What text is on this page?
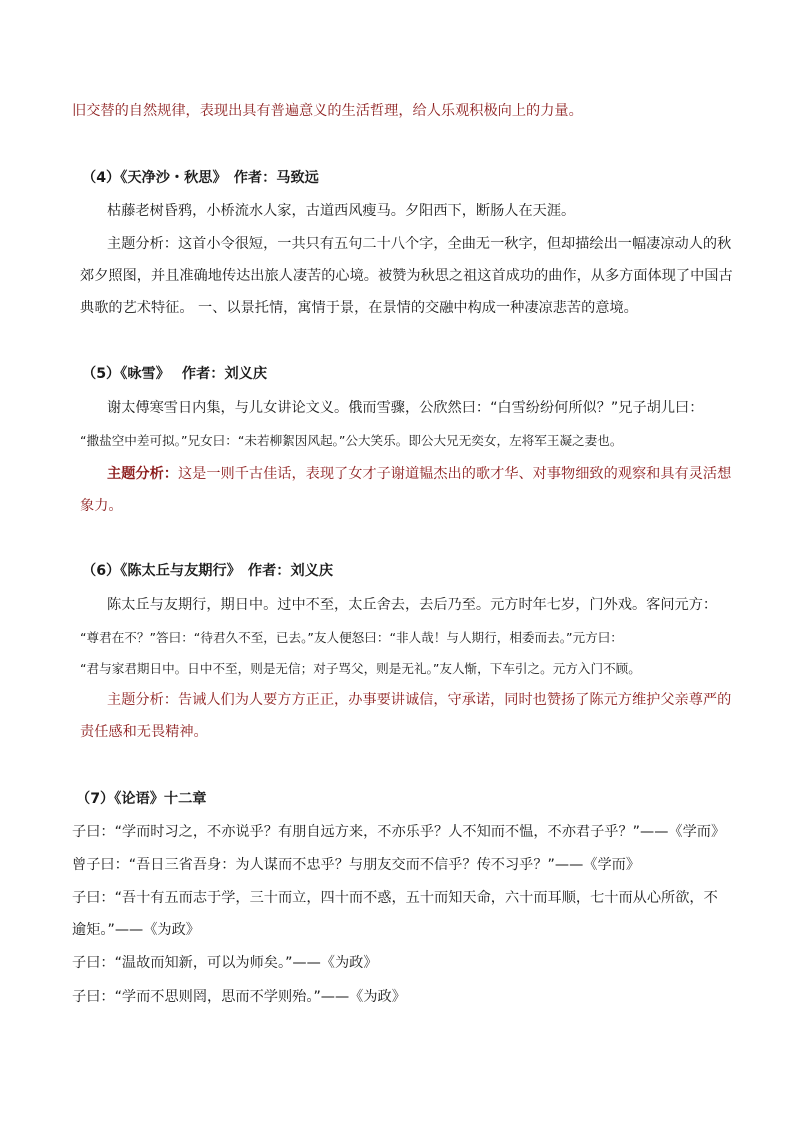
旧交替的自然规律，表现出具有普遍意义的生活哲理，给人乐观积极向上的力量。
（4）《天净沙・秋思》　作者：马致远
枯藤老树昏鸦，小桥流水人家，古道西风瘦马。夕阳西下，断肠人在天涯。
主题分析：这首小令很短，一共只有五句二十八个字，全曲无一秋字，但却描绘出一幅凄凉动人的秋
郊夕照图，并且准确地传达出旅人凄苦的心境。被赞为秋思之祖这首成功的曲作，从多方面体现了中国古
典歌的艺术特征。 一、以景托情，寓情于景，在景情的交融中构成一种凄凉悲苦的意境。
（5）《咏雪》　 作者：刘义庆
谢太傅寒雪日内集，与儿女讲论文义。俄而雪骤，公欣然曰：“白雪纷纷何所似？”兄子胡儿曰：
“撒盐空中差可拟。”兄女曰：“未若柳絮因风起。”公大笑乐。即公大兄无奕女，左将军王凝之妻也。
主题分析：这是一则千古佳话，表现了女才子谢道韫杰出的歌才华、对事物细致的观察和具有灵活想
象力。
（6）《陈太丘与友期行》　作者：刘义庆
陈太丘与友期行，期日中。过中不至，太丘舍去，去后乃至。元方时年七岁，门外戏。客问元方：
“尊君在不？”答曰：“待君久不至，已去。”友人便怒曰：“非人哉！与人期行，相委而去。”元方曰：
“君与家君期日中。日中不至，则是无信；对子骂父，则是无礼。”友人惭，下车引之。元方入门不顾。
主题分析：告诫人们为人要方方正正，办事要讲诚信，守承诺，同时也赞扬了陈元方维护父亲尊严的
责任感和无畏精神。
（7）《论语》十二章
子曰：“学而时习之，不亦说乎？有朋自远方来，不亦乐乎？人不知而不愠，不亦君子乎？”——《学而》
曾子曰：“吾日三省吾身：为人谋而不忠乎？与朋友交而不信乎？传不习乎？”——《学而》
子曰：“吾十有五而志于学，三十而立，四十而不惑，五十而知天命，六十而耳顺，七十而从心所欲，不
逾矩。”——《为政》
子曰：“温故而知新，可以为师矣。”——《为政》
子曰：“学而不思则罔，思而不学则殆。”——《为政》
